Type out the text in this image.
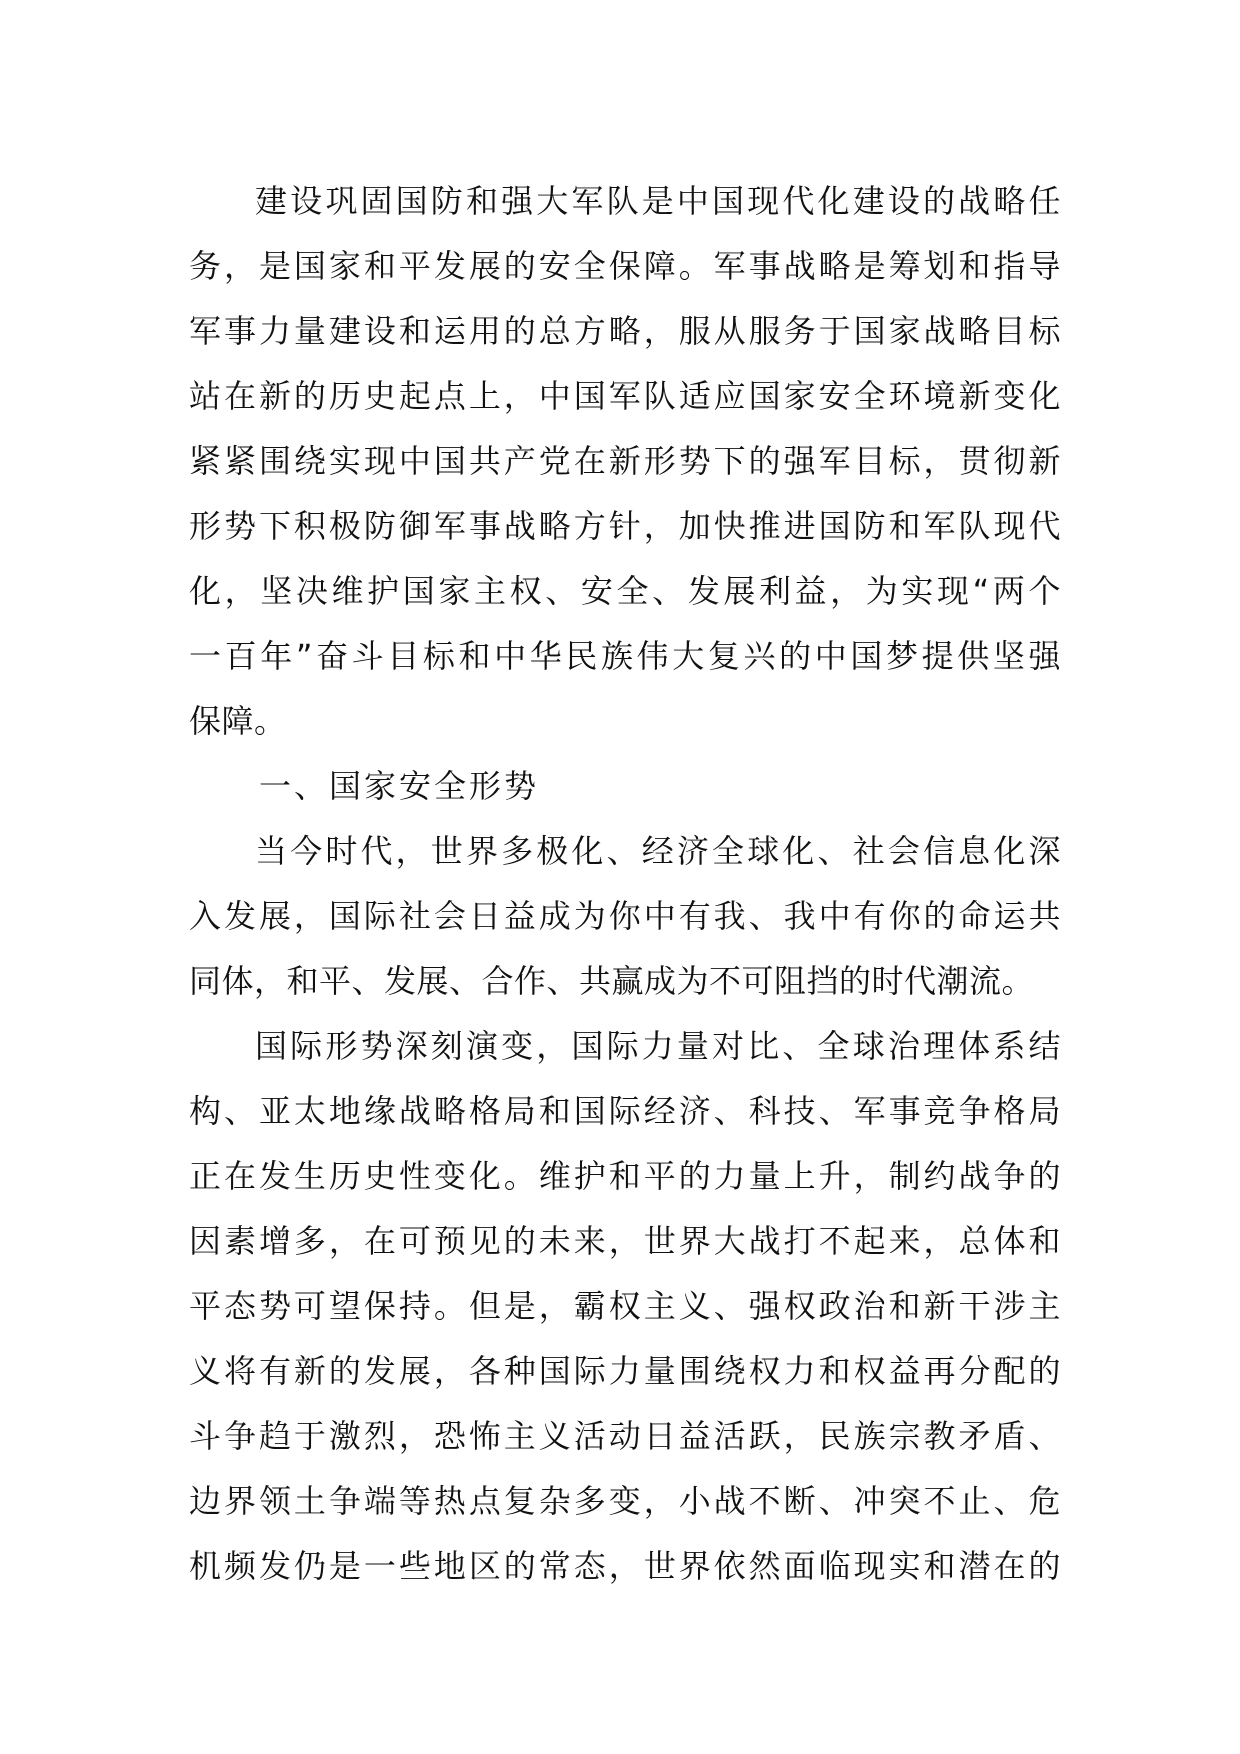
建设巩固国防和强大军队是中国现代化建设的战略任
务，是国家和平发展的安全保障。军事战略是筹划和指导
军事力量建设和运用的总方略，服从服务于国家战略目标
站在新的历史起点上，中国军队适应国家安全环境新变化
紧紧围绕实现中国共产党在新形势下的强军目标，贯彻新
形势下积极防御军事战略方针，加快推进国防和军队现代
化，坚决维护国家主权、安全、发展利益，为实现“两个
一百年”奋斗目标和中华民族伟大复兴的中国梦提供坚强
保障。
一、国家安全形势
当今时代，世界多极化、经济全球化、社会信息化深
入发展，国际社会日益成为你中有我、我中有你的命运共
同体，和平、发展、合作、共赢成为不可阻挡的时代潮流。
国际形势深刻演变，国际力量对比、全球治理体系结
构、亚太地缘战略格局和国际经济、科技、军事竞争格局
正在发生历史性变化。维护和平的力量上升，制约战争的
因素增多，在可预见的未来，世界大战打不起来，总体和
平态势可望保持。但是，霸权主义、强权政治和新干涉主
义将有新的发展，各种国际力量围绕权力和权益再分配的
斗争趋于激烈，恐怖主义活动日益活跃，民族宗教矛盾、
边界领土争端等热点复杂多变，小战不断、冲突不止、危
机频发仍是一些地区的常态，世界依然面临现实和潜在的
